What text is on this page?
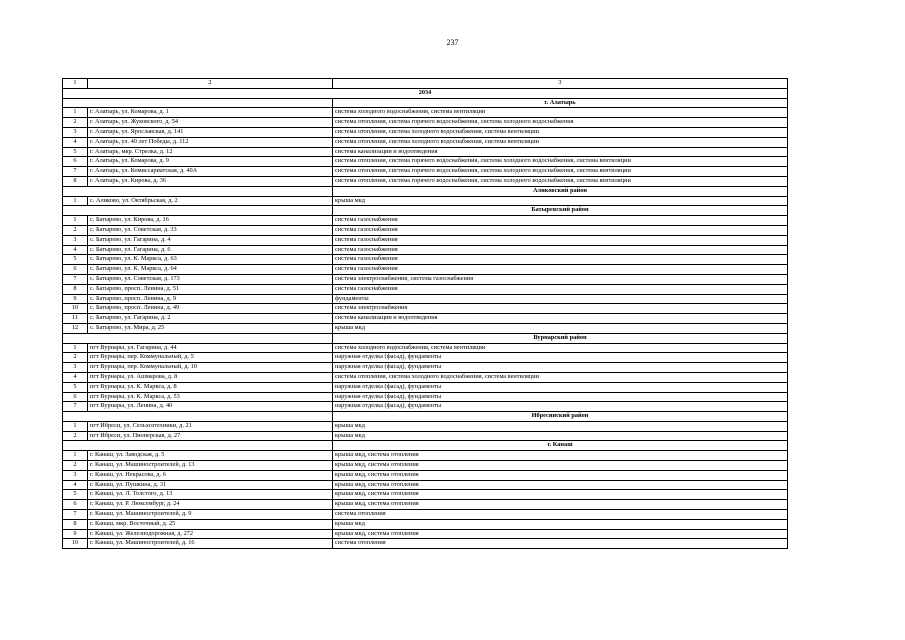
237
1	2	3
2034		
		г. Алатырь
1	г. Алатырь, ул. Комарова, д. 1	система холодного водоснабжения, система вентиляции
2	г. Алатырь, ул. Жуковского, д. 54	система отопления, система горячего водоснабжения, система холодного водоснабжения
3	г. Алатырь, ул. Ярославская, д. 141	система отопления, система холодного водоснабжения, система вентиляции
4	г. Алатырь, ул. 40 лет Победы, д. 112	система отопления, система холодного водоснабжения, система вентиляции
5	г. Алатырь, мкр. Стрелка, д. 12	система канализации и водоотведения
6	г. Алатырь, ул. Комарова, д. 9	система отопления, система горячего водоснабжения, система холодного водоснабжения, система вентиляции
7	г. Алатырь, ул. Комиссариатская, д. 40А	система отопления, система горячего водоснабжения, система холодного водоснабжения, система вентиляции
8	г. Алатырь, ул. Кирова, д. 36	система отопления, система горячего водоснабжения, система холодного водоснабжения, система вентиляции
		Аликовский район
1	с. Аликово, ул. Октябрьская, д. 2	крыша мкд
		Батыревский район
1	с. Батырево, ул. Кирова, д. 16	система газоснабжения
2	с. Батырево, ул. Советская, д. 33	система газоснабжения
3	с. Батырево, ул. Гагарина, д. 4	система газоснабжения
4	с. Батырево, ул. Гагарина, д. 6	система газоснабжения
5	с. Батырево, ул. К. Маркса, д. 63	система газоснабжения
6	с. Батырево, ул. К. Маркса, д. 64	система газоснабжения
7	с. Батырево, ул. Советская, д. 173	система электроснабжения, система газоснабжения
8	с. Батырево, просп. Ленина, д. 51	система газоснабжения
9	с. Батырево, просп. Ленина, д. 9	фундаменты
10	с. Батырево, просп. Ленина, д. 49	система электроснабжения
11	с. Батырево, ул. Гагарина, д. 2	система канализации и водоотведения
12	с. Батырево, ул. Мира, д. 25	крыша мкд
		Вурнарский район
1	пгт Вурнары, ул. Гагарина, д. 44	система холодного водоснабжения, система вентиляции
2	пгт Вурнары, пер. Коммунальный, д. 5	наружная отделка (фасад), фундаменты
3	пгт Вурнары, пер. Коммунальный, д. 10	наружная отделка (фасад), фундаменты
4	пгт Вурнары, ул. Ашмарова, д. 8	система отопления, система холодного водоснабжения, система вентиляции
5	пгт Вурнары, ул. К. Маркса, д. 8	наружная отделка (фасад), фундаменты
6	пгт Вурнары, ул. К. Маркса, д. 53	наружная отделка (фасад), фундаменты
7	пгт Вурнары, ул. Ленина, д. 40	наружная отделка (фасад), фундаменты
		Ибресинский район
1	пгт Ибреси, ул. Сельхозтехники, д. 21	крыша мкд
2	пгт Ибреси, ул. Пионерская, д. 27	крыша мкд
		г. Канаш
1	г. Канаш, ул. Заводская, д. 5	крыша мкд, система отопления
2	г. Канаш, ул. Машиностроителей, д. 13	крыша мкд, система отопления
3	г. Канаш, ул. Некрасова, д. 6	крыша мкд, система отопления
4	г. Канаш, ул. Пушкина, д. 31	крыша мкд, система отопления
5	г. Канаш, ул. Л. Толстого, д. 13	крыша мкд, система отопления
6	г. Канаш, ул. Р. Люксембург, д. 24	крыша мкд, система отопления
7	г. Канаш, ул. Машиностроителей, д. 9	система отопления
8	г. Канаш, мкр. Восточный, д. 25	крыша мкд
9	г. Канаш, ул. Железнодорожная, д. 272	крыша мкд, система отопления
10	г. Канаш, ул. Машиностроителей, д. 16	система отопления
